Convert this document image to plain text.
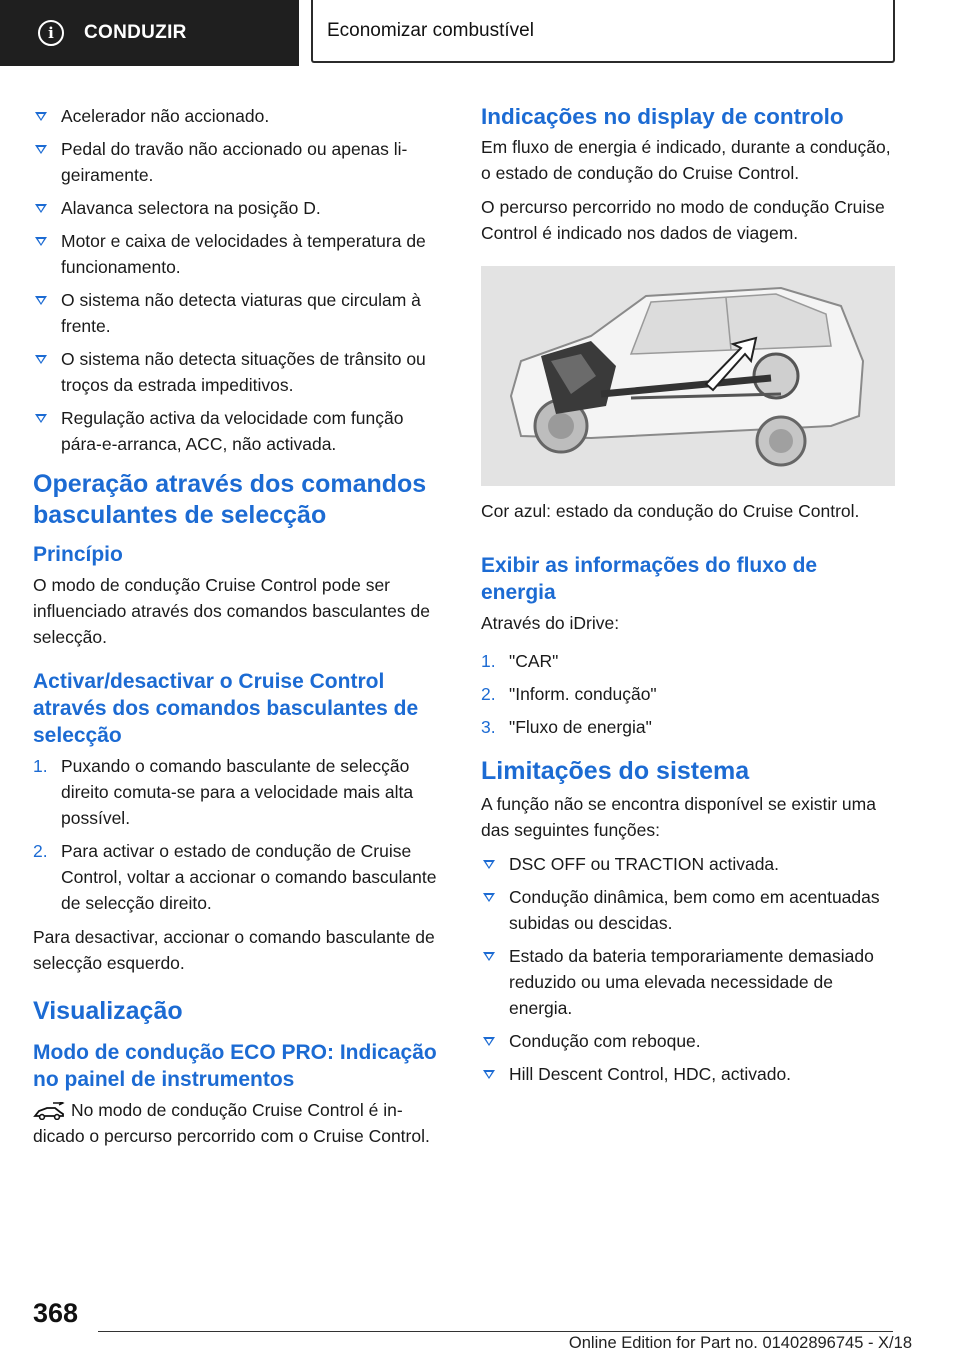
i	CONDUZIR	Economizar combustível
Acelerador não accionado.
Pedal do travão não accionado ou apenas ligeiramente.
Alavanca selectora na posição D.
Motor e caixa de velocidades à temperatura de funcionamento.
O sistema não detecta viaturas que circulam à frente.
O sistema não detecta situações de trânsito ou troços da estrada impeditivos.
Regulação activa da velocidade com função pára-e-arranca, ACC, não activada.
Operação através dos comandos basculantes de selecção
Princípio

O modo de condução Cruise Control pode ser influenciado através dos comandos basculantes de selecção.

Activar/desactivar o Cruise Control através dos comandos basculantes de selecção
1. Puxando o comando basculante de selecção direito comuta-se para a velocidade mais alta possível.
2. Para activar o estado de condução de Cruise Control, voltar a accionar o comando basculante de selecção direito.

Para desactivar, accionar o comando basculante de selecção esquerdo.

Visualização
Modo de condução ECO PRO: Indicação no painel de instrumentos

No modo de condução Cruise Control é indicado o percurso percorrido com o Cruise Control.

Indicações no display de controlo

Em fluxo de energia é indicado, durante a condução, o estado de condução do Cruise Control.

O percurso percorrido no modo de condução Cruise Control é indicado nos dados de viagem.

Cor azul: estado da condução do Cruise Control.

Exibir as informações do fluxo de energia

Através do iDrive:

1. "CAR"
2. "Inform. condução"
3. "Fluxo de energia"
Limitações do sistema

A função não se encontra disponível se existir uma das seguintes funções:

DSC OFF ou TRACTION activada.
Condução dinâmica, bem como em acentuadas subidas ou descidas.
Estado da bateria temporariamente demasiado reduzido ou uma elevada necessidade de energia.
Condução com reboque.
Hill Descent Control, HDC, activado.
368
Online Edition for Part no. 01402896745 - X/18
